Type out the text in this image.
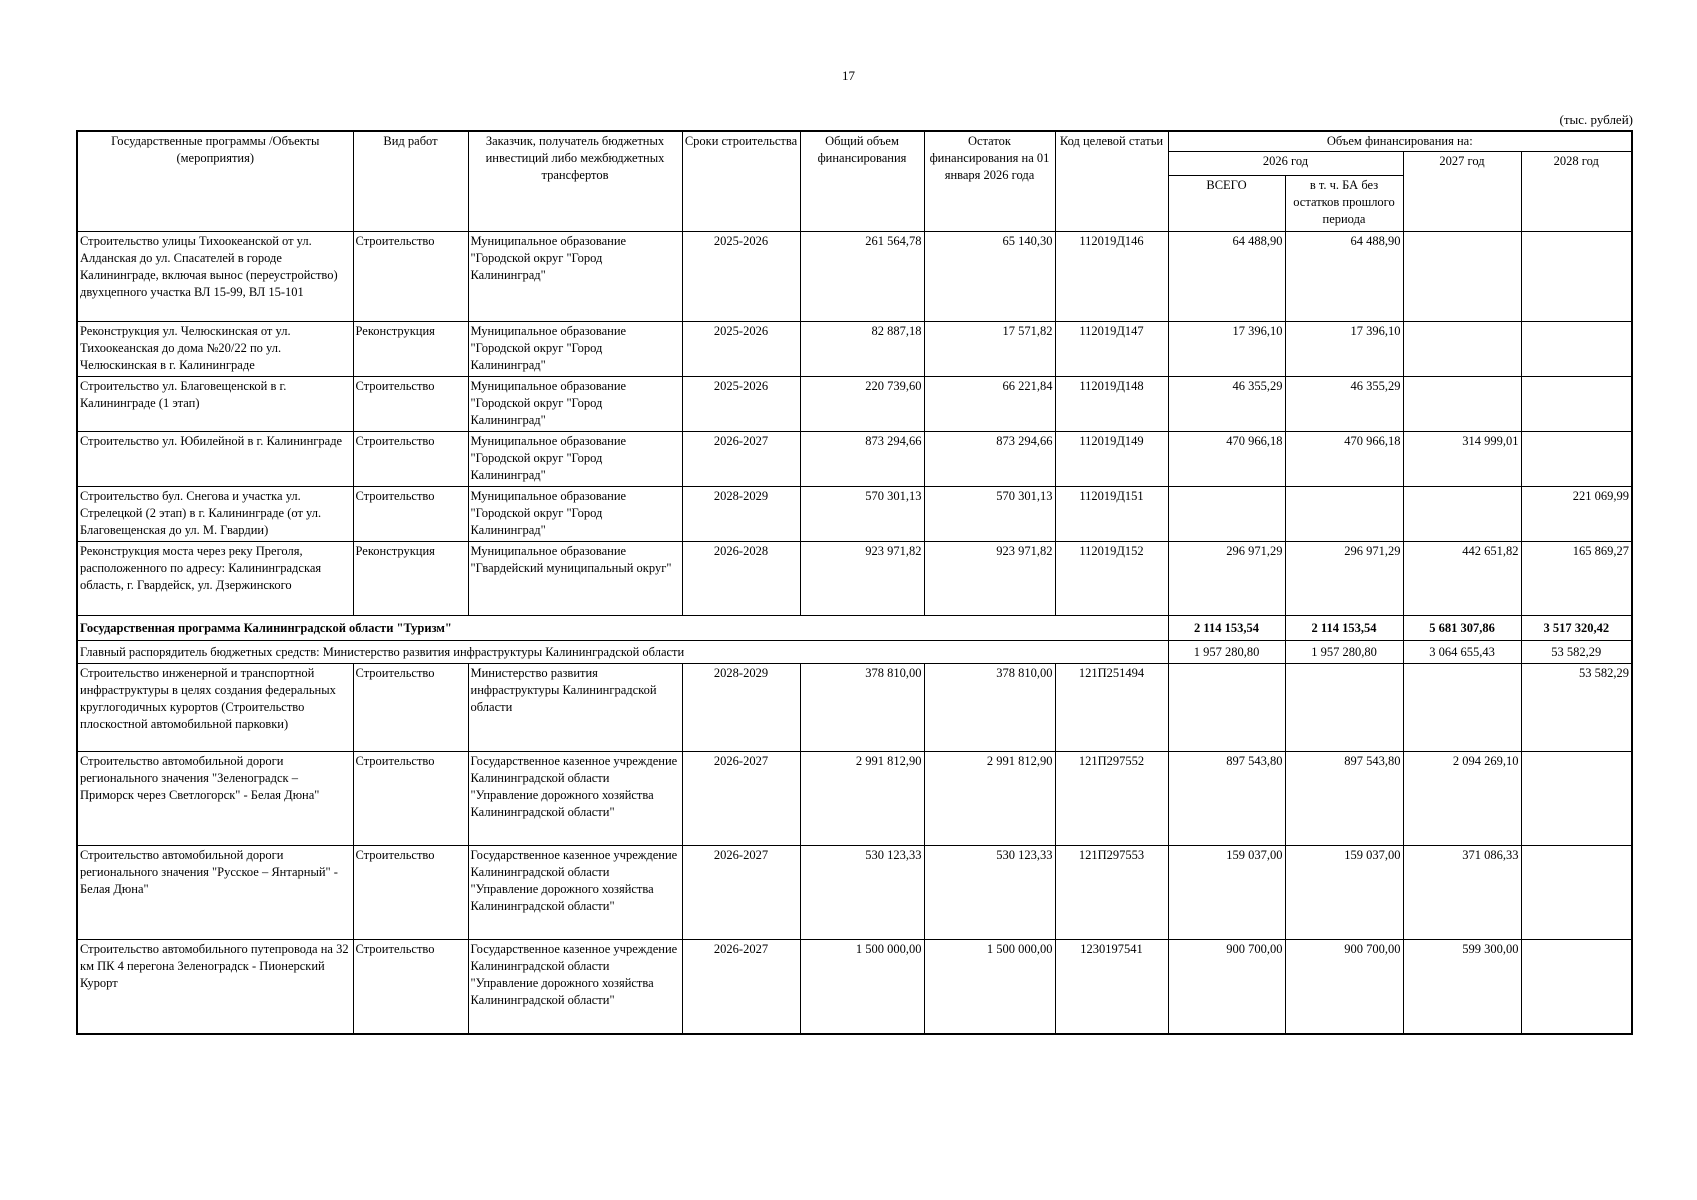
17
(тыс. рублей)
Государственные программы /Объекты (мероприятия)	Вид работ	Заказчик, получатель бюджетных инвестиций либо межбюджетных трансфертов	Сроки строительства	Общий объем финансирования	Остаток финансирования на 01 января 2026 года	Код целевой статьи	Объем финансирования на:			
							2026 год		2027 год	2028 год
							ВСЕГО	в т. ч. БА без остатков прошлого периода		
Строительство улицы Тихоокеанской от ул. Алданская до ул. Спасателей в городе Калининграде, включая вынос (переустройство) двухцепного участка ВЛ 15-99, ВЛ 15-101	Строительство	Муниципальное образование "Городской округ "Город Калининград"	2025-2026	261 564,78	65 140,30	112019Д146	64 488,90	64 488,90		
Реконструкция ул. Челюскинская от ул. Тихоокеанская до дома №20/22 по ул. Челюскинская в г. Калининграде	Реконструкция	Муниципальное образование "Городской округ "Город Калининград"	2025-2026	82 887,18	17 571,82	112019Д147	17 396,10	17 396,10		
Строительство ул. Благовещенской в г. Калининграде (1 этап)	Строительство	Муниципальное образование "Городской округ "Город Калининград"	2025-2026	220 739,60	66 221,84	112019Д148	46 355,29	46 355,29		
Строительство ул. Юбилейной в г. Калининграде	Строительство	Муниципальное образование "Городской округ "Город Калининград"	2026-2027	873 294,66	873 294,66	112019Д149	470 966,18	470 966,18	314 999,01	
Строительство бул. Снегова и участка ул. Стрелецкой (2 этап) в г. Калининграде (от ул. Благовещенская до ул. М. Гвардии)	Строительство	Муниципальное образование "Городской округ "Город Калининград"	2028-2029	570 301,13	570 301,13	112019Д151				221 069,99
Реконструкция моста через реку Преголя, расположенного по адресу: Калининградская область, г. Гвардейск, ул. Дзержинского	Реконструкция	Муниципальное образование "Гвардейский муниципальный округ"	2026-2028	923 971,82	923 971,82	112019Д152	296 971,29	296 971,29	442 651,82	165 869,27
Государственная программа Калининградской области "Туризм"							2 114 153,54	2 114 153,54	5 681 307,86	3 517 320,42
Главный распорядитель бюджетных средств: Министерство развития инфраструктуры Калининградской области							1 957 280,80	1 957 280,80	3 064 655,43	53 582,29
Строительство инженерной и транспортной инфраструктуры в целях создания федеральных круглогодичных курортов (Строительство плоскостной автомобильной парковки)	Строительство	Министерство развития инфраструктуры Калининградской области	2028-2029	378 810,00	378 810,00	121П251494				53 582,29
Строительство автомобильной дороги регионального значения "Зеленоградск – Приморск через Светлогорск" - Белая Дюна"	Строительство	Государственное казенное учреждение Калининградской области "Управление дорожного хозяйства Калининградской области"	2026-2027	2 991 812,90	2 991 812,90	121П297552	897 543,80	897 543,80	2 094 269,10	
Строительство автомобильной дороги регионального значения "Русское – Янтарный" - Белая Дюна"	Строительство	Государственное казенное учреждение Калининградской области "Управление дорожного хозяйства Калининградской области"	2026-2027	530 123,33	530 123,33	121П297553	159 037,00	159 037,00	371 086,33	
Строительство автомобильного путепровода на 32 км ПК 4 перегона Зеленоградск - Пионерский Курорт	Строительство	Государственное казенное учреждение Калининградской области "Управление дорожного хозяйства Калининградской области"	2026-2027	1 500 000,00	1 500 000,00	1230197541	900 700,00	900 700,00	599 300,00	
